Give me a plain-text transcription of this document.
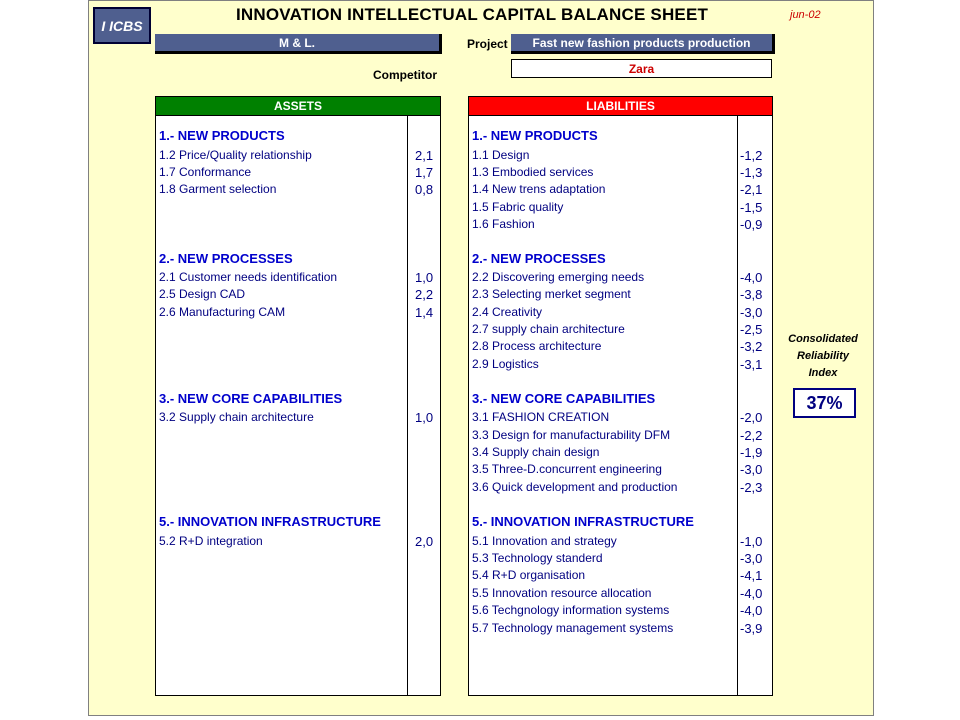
I ICBS
INNOVATION INTELLECTUAL CAPITAL BALANCE SHEET	jun-02
M & L.	Project	Fast new fashion products production
Competitor	Zara
ASSETS
1.- NEW PRODUCTS
1.2 Price/Quality relationship	2,1
1.7 Conformance	1,7
1.8 Garment selection	0,8
2.- NEW PROCESSES
2.1 Customer needs identification	1,0
2.5 Design CAD	2,2
2.6 Manufacturing CAM	1,4
3.- NEW CORE CAPABILITIES
3.2 Supply chain architecture	1,0
5.- INNOVATION INFRASTRUCTURE
5.2 R+D integration	2,0
LIABILITIES
1.- NEW PRODUCTS
1.1 Design	-1,2
1.3 Embodied services	-1,3
1.4 New trens adaptation	-2,1
1.5 Fabric quality	-1,5
1.6 Fashion	-0,9
2.- NEW PROCESSES
2.2 Discovering emerging needs	-4,0
2.3 Selecting merket segment	-3,8
2.4 Creativity	-3,0
2.7 supply chain architecture	-2,5
2.8 Process architecture	-3,2
2.9 Logistics	-3,1
3.- NEW CORE CAPABILITIES
3.1 FASHION CREATION	-2,0
3.3 Design for manufacturability DFM	-2,2
3.4 Supply chain design	-1,9
3.5 Three-D.concurrent engineering	-3,0
3.6 Quick development and production	-2,3
5.- INNOVATION INFRASTRUCTURE
5.1 Innovation and strategy	-1,0
5.3 Technology standerd	-3,0
5.4 R+D organisation	-4,1
5.5 Innovation resource allocation	-4,0
5.6 Techgnology information systems	-4,0
5.7 Technology management systems	-3,9
Consolidated
Reliability
Index
37%
